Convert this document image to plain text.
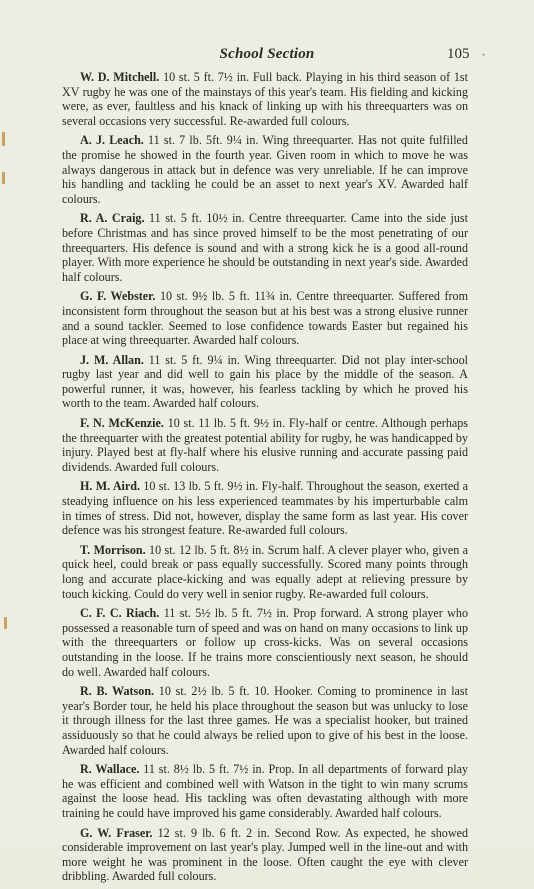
School Section	105 •

W. D. Mitchell. 10 st. 5 ft. 7½ in. Full back. Playing in his third season of 1st XV rugby he was one of the mainstays of this year's team. His fielding and kicking were, as ever, faultless and his knack of linking up with his threequarters was on several occasions very successful. Re-awarded full colours.

A. J. Leach. 11 st. 7 lb. 5ft. 9¼ in. Wing threequarter. Has not quite fulfilled the promise he showed in the fourth year. Given room in which to move he was always dangerous in attack but in defence was very unreliable. If he can improve his handling and tackling he could be an asset to next year's XV. Awarded half colours.

R. A. Craig. 11 st. 5 ft. 10½ in. Centre threequarter. Came into the side just before Christmas and has since proved himself to be the most penetrating of our threequarters. His defence is sound and with a strong kick he is a good all-round player. With more experience he should be outstanding in next year's side. Awarded half colours.

G. F. Webster. 10 st. 9½ lb. 5 ft. 11¾ in. Centre threequarter. Suffered from inconsistent form throughout the season but at his best was a strong elusive runner and a sound tackler. Seemed to lose confidence towards Easter but regained his place at wing threequarter. Awarded half colours.

J. M. Allan. 11 st. 5 ft. 9¼ in. Wing threequarter. Did not play inter-school rugby last year and did well to gain his place by the middle of the season. A powerful runner, it was, however, his fearless tackling by which he proved his worth to the team. Awarded half colours.

F. N. McKenzie. 10 st. 11 lb. 5 ft. 9½ in. Fly-half or centre. Although perhaps the threequarter with the greatest potential ability for rugby, he was handicapped by injury. Played best at fly-half where his elusive running and accurate passing paid dividends. Awarded full colours.

H. M. Aird. 10 st. 13 lb. 5 ft. 9½ in. Fly-half. Throughout the season, exerted a steadying influence on his less experienced teammates by his imperturbable calm in times of stress. Did not, however, display the same form as last year. His cover defence was his strongest feature. Re-awarded full colours.

T. Morrison. 10 st. 12 lb. 5 ft. 8½ in. Scrum half. A clever player who, given a quick heel, could break or pass equally successfully. Scored many points through long and accurate place-kicking and was equally adept at relieving pressure by touch kicking. Could do very well in senior rugby. Re-awarded full colours.

C. F. C. Riach. 11 st. 5½ lb. 5 ft. 7½ in. Prop forward. A strong player who possessed a reasonable turn of speed and was on hand on many occasions to link up with the threequarters or follow up cross-kicks. Was on several occasions outstanding in the loose. If he trains more conscientiously next season, he should do well. Awarded half colours.

R. B. Watson. 10 st. 2½ lb. 5 ft. 10. Hooker. Coming to prominence in last year's Border tour, he held his place throughout the season but was unlucky to lose it through illness for the last three games. He was a specialist hooker, but trained assiduously so that he could always be relied upon to give of his best in the loose. Awarded half colours.

R. Wallace. 11 st. 8½ lb. 5 ft. 7½ in. Prop. In all departments of forward play he was efficient and combined well with Watson in the tight to win many scrums against the loose head. His tackling was often devastating although with more training he could have improved his game considerably. Awarded half colours.

G. W. Fraser. 12 st. 9 lb. 6 ft. 2 in. Second Row. As expected, he showed considerable improvement on last year's play. Jumped well in the line-out and with more weight he was prominent in the loose. Often caught the eye with clever dribbling. Awarded full colours.
